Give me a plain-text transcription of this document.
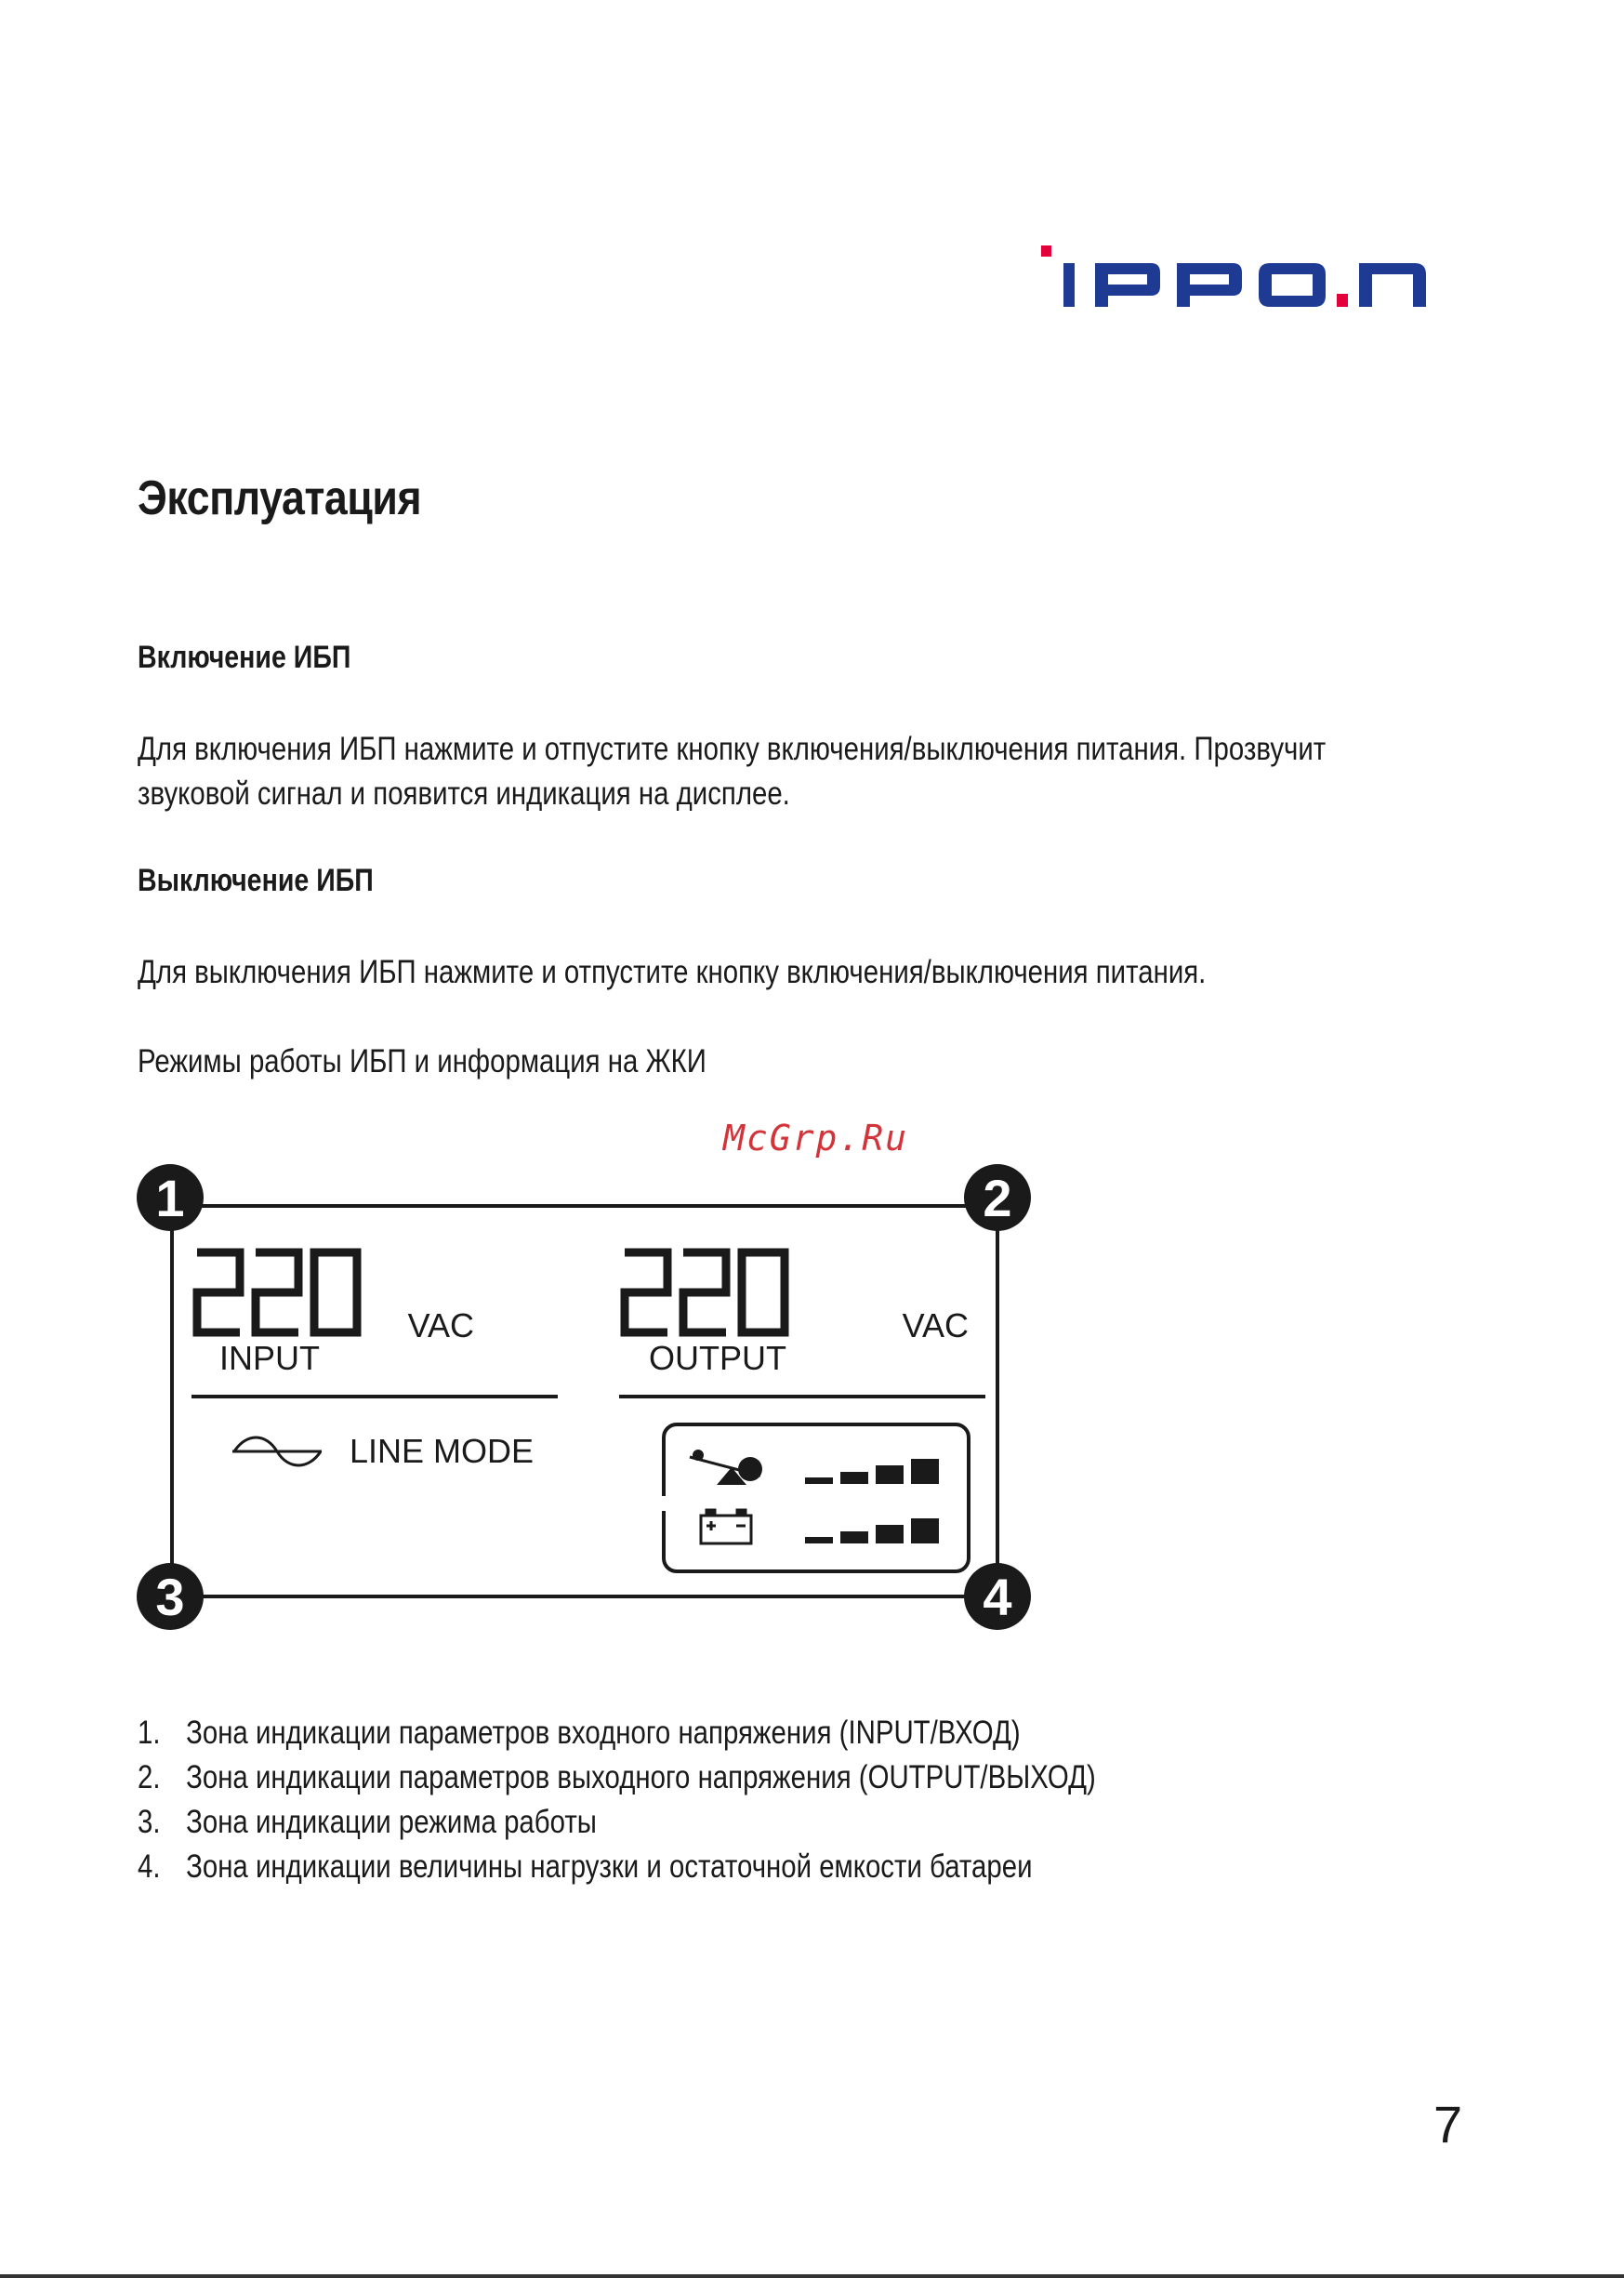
Эксплуатация
Включение ИБП

Для включения ИБП нажмите и отпустите кнопку включения/выключения питания. Прозвучит звуковой сигнал и появится индикация на дисплее.

Выключение ИБП

Для выключения ИБП нажмите и отпустите кнопку включения/выключения питания.

Режимы работы ИБП и информация на ЖКИ

McGrp.Ru
VAC
INPUT
VAC
OUTPUT
LINE MODE
1	2
3	4
1. Зона индикации параметров входного напряжения (INPUT/ВХОД)
2. Зона индикации параметров выходного напряжения (OUTPUT/ВЫХОД)
3. Зона индикации режима работы
4. Зона индикации величины нагрузки и остаточной емкости батареи
7
